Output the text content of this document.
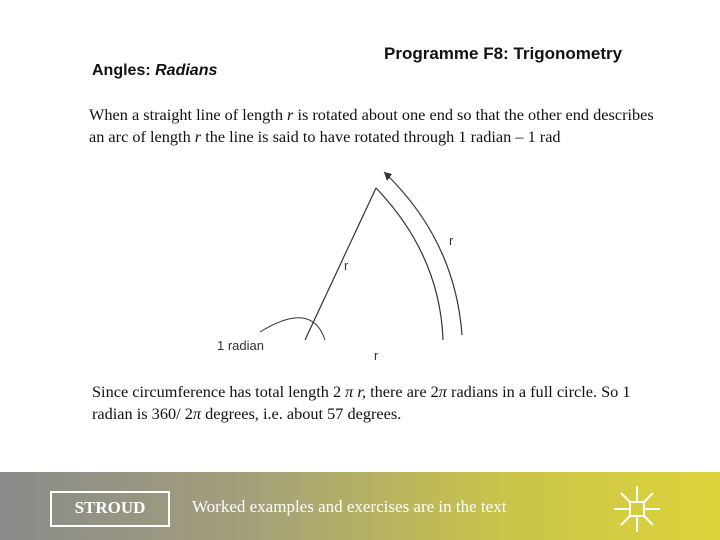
Angles: Radians
Programme F8: Trigonometry
When a straight line of length r is rotated about one end so that the other end describes an arc of length r the line is said to have rotated through 1 radian – 1 rad
r
r
r
1 radian
Since circumference has total length 2 π r, there are 2π radians in a full circle. So 1 radian is 360/ 2π degrees, i.e. about 57 degrees.
STROUD	Worked examples and exercises are in the text
